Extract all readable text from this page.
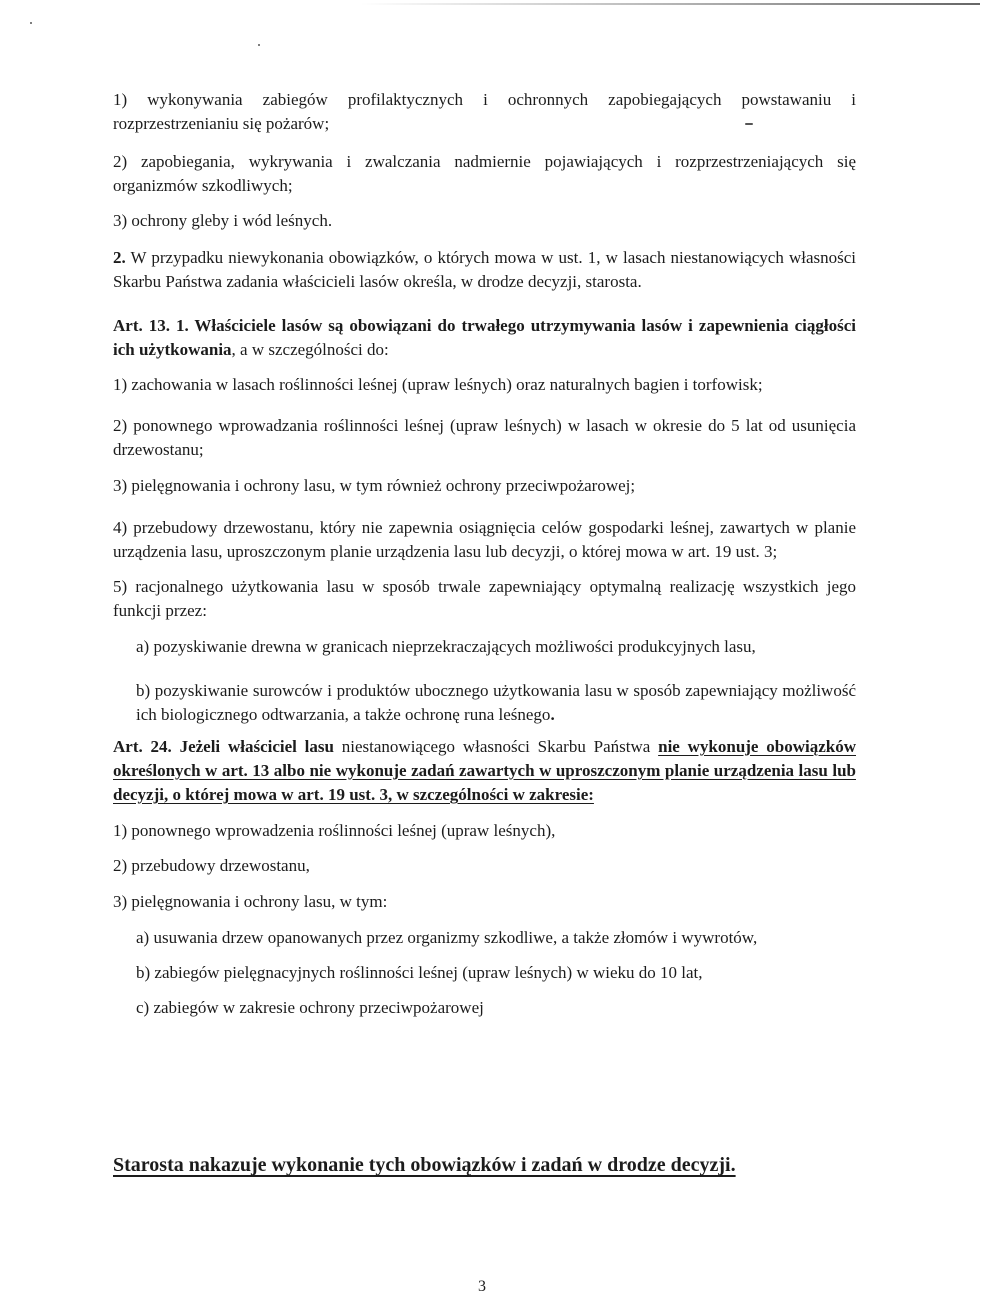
1) wykonywania zabiegów profilaktycznych i ochronnych zapobiegających powstawaniu i rozprzestrzenianiu się pożarów;

2) zapobiegania, wykrywania i zwalczania nadmiernie pojawiających i rozprzestrzeniających się organizmów szkodliwych;

3) ochrony gleby i wód leśnych.

2. W przypadku niewykonania obowiązków, o których mowa w ust. 1, w lasach niestanowiących własności Skarbu Państwa zadania właścicieli lasów określa, w drodze decyzji, starosta.

Art. 13. 1. Właściciele lasów są obowiązani do trwałego utrzymywania lasów i zapewnienia ciągłości ich użytkowania, a w szczególności do:

1) zachowania w lasach roślinności leśnej (upraw leśnych) oraz naturalnych bagien i torfowisk;

2) ponownego wprowadzania roślinności leśnej (upraw leśnych) w lasach w okresie do 5 lat od usunięcia drzewostanu;

3) pielęgnowania i ochrony lasu, w tym również ochrony przeciwpożarowej;

4) przebudowy drzewostanu, który nie zapewnia osiągnięcia celów gospodarki leśnej, zawartych w planie urządzenia lasu, uproszczonym planie urządzenia lasu lub decyzji, o której mowa w art. 19 ust. 3;

5) racjonalnego użytkowania lasu w sposób trwale zapewniający optymalną realizację wszystkich jego funkcji przez:

a) pozyskiwanie drewna w granicach nieprzekraczających możliwości produkcyjnych lasu,

b) pozyskiwanie surowców i produktów ubocznego użytkowania lasu w sposób zapewniający możliwość ich biologicznego odtwarzania, a także ochronę runa leśnego.

Art. 24. Jeżeli właściciel lasu niestanowiącego własności Skarbu Państwa nie wykonuje obowiązków określonych w art. 13 albo nie wykonuje zadań zawartych w uproszczonym planie urządzenia lasu lub decyzji, o której mowa w art. 19 ust. 3, w szczególności w zakresie:

1) ponownego wprowadzenia roślinności leśnej (upraw leśnych),

2) przebudowy drzewostanu,

3) pielęgnowania i ochrony lasu, w tym:

a) usuwania drzew opanowanych przez organizmy szkodliwe, a także złomów i wywrotów,

b) zabiegów pielęgnacyjnych roślinności leśnej (upraw leśnych) w wieku do 10 lat,

c) zabiegów w zakresie ochrony przeciwpożarowej

Starosta nakazuje wykonanie tych obowiązków i zadań w drodze decyzji.
3
